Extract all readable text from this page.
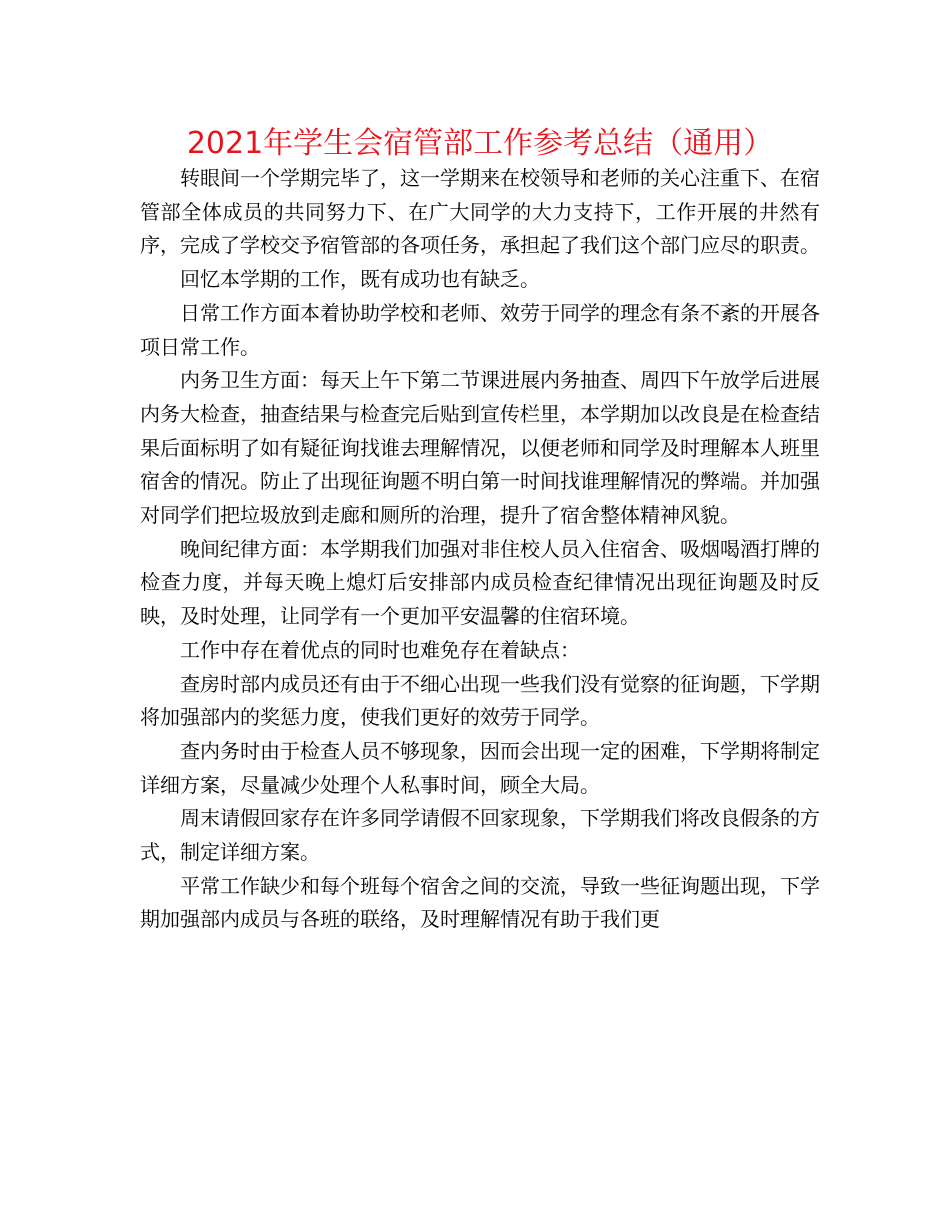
2021年学生会宿管部工作参考总结（通用）

转眼间一个学期完毕了，这一学期来在校领导和老师的关心注重下、在宿管部全体成员的共同努力下、在广大同学的大力支持下，工作开展的井然有序，完成了学校交予宿管部的各项任务，承担起了我们这个部门应尽的职责。

回忆本学期的工作，既有成功也有缺乏。

日常工作方面本着协助学校和老师、效劳于同学的理念有条不紊的开展各项日常工作。

内务卫生方面：每天上午下第二节课进展内务抽查、周四下午放学后进展内务大检查，抽查结果与检查完后贴到宣传栏里，本学期加以改良是在检查结果后面标明了如有疑征询找谁去理解情况，以便老师和同学及时理解本人班里宿舍的情况。防止了出现征询题不明白第一时间找谁理解情况的弊端。并加强对同学们把垃圾放到走廊和厕所的治理，提升了宿舍整体精神风貌。

晚间纪律方面：本学期我们加强对非住校人员入住宿舍、吸烟喝酒打牌的检查力度，并每天晚上熄灯后安排部内成员检查纪律情况出现征询题及时反映，及时处理，让同学有一个更加平安温馨的住宿环境。

工作中存在着优点的同时也难免存在着缺点：

查房时部内成员还有由于不细心出现一些我们没有觉察的征询题，下学期将加强部内的奖惩力度，使我们更好的效劳于同学。

查内务时由于检查人员不够现象，因而会出现一定的困难，下学期将制定详细方案，尽量减少处理个人私事时间，顾全大局。

周末请假回家存在许多同学请假不回家现象，下学期我们将改良假条的方式，制定详细方案。

平常工作缺少和每个班每个宿舍之间的交流，导致一些征询题出现，下学期加强部内成员与各班的联络，及时理解情况有助于我们更
